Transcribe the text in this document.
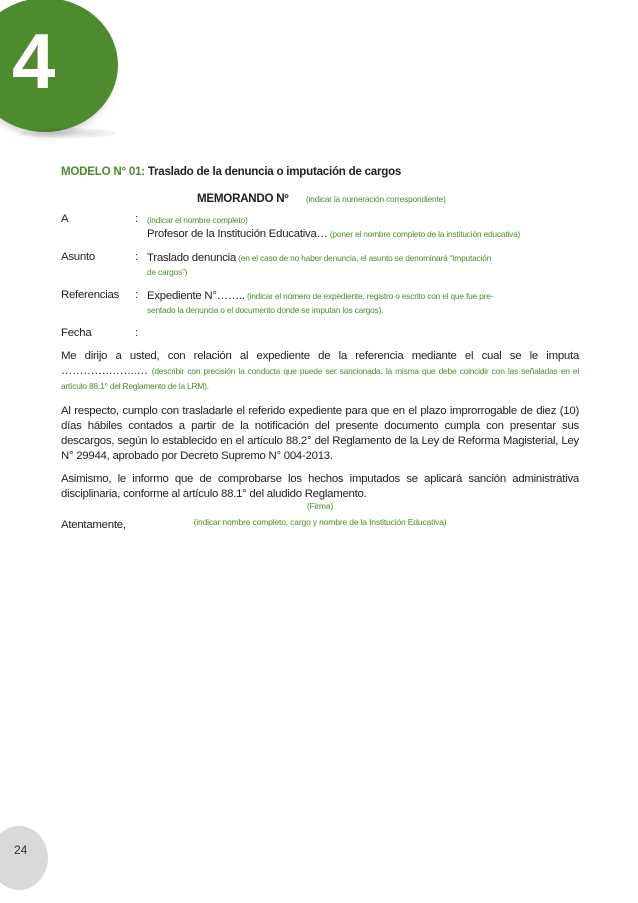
4
MODELO N° 01: Traslado de la denuncia o imputación de cargos
MEMORANDO Nº (indicar la numeración correspondiente)
A	:	(indicar el nombre completo)
Profesor de la Institución Educativa… (poner el nombre completo de la institución educativa)
Asunto	: Traslado denuncia (en el caso de no haber denuncia, el asunto se denominará “Imputación
de cargos”)
Referencias	: Expediente N°…….. (indicar el número de expediente, registro o escrito con el que fue pre-
sentado la denuncia o el documento donde se imputan los cargos).
Fecha	:
Me dirijo a usted, con relación al expediente de la referencia mediante el cual se le imputa ………….……..… (describir con precisión la conducta que puede ser sancionada, la misma que debe coincidir con las señaladas en el artículo 88.1° del Reglamento de la LRM).
Al respecto, cumplo con trasladarle el referido expediente para que en el plazo improrrogable de diez (10) días hábiles contados a partir de la notificación del presente documento cumpla con presentar sus descargos, según lo establecido en el artículo 88.2° del Reglamento de la Ley de Reforma Magisterial, Ley N° 29944, aprobado por Decreto Supremo N° 004-2013.
Asimismo, le informo que de comprobarse los hechos imputados se aplicará sanción administrativa disciplinaria, conforme al artículo 88.1° del aludido Reglamento.
Atentamente,
(Firma)
(indicar nombre completo, cargo y nombre de la Institución Educativa)
24
